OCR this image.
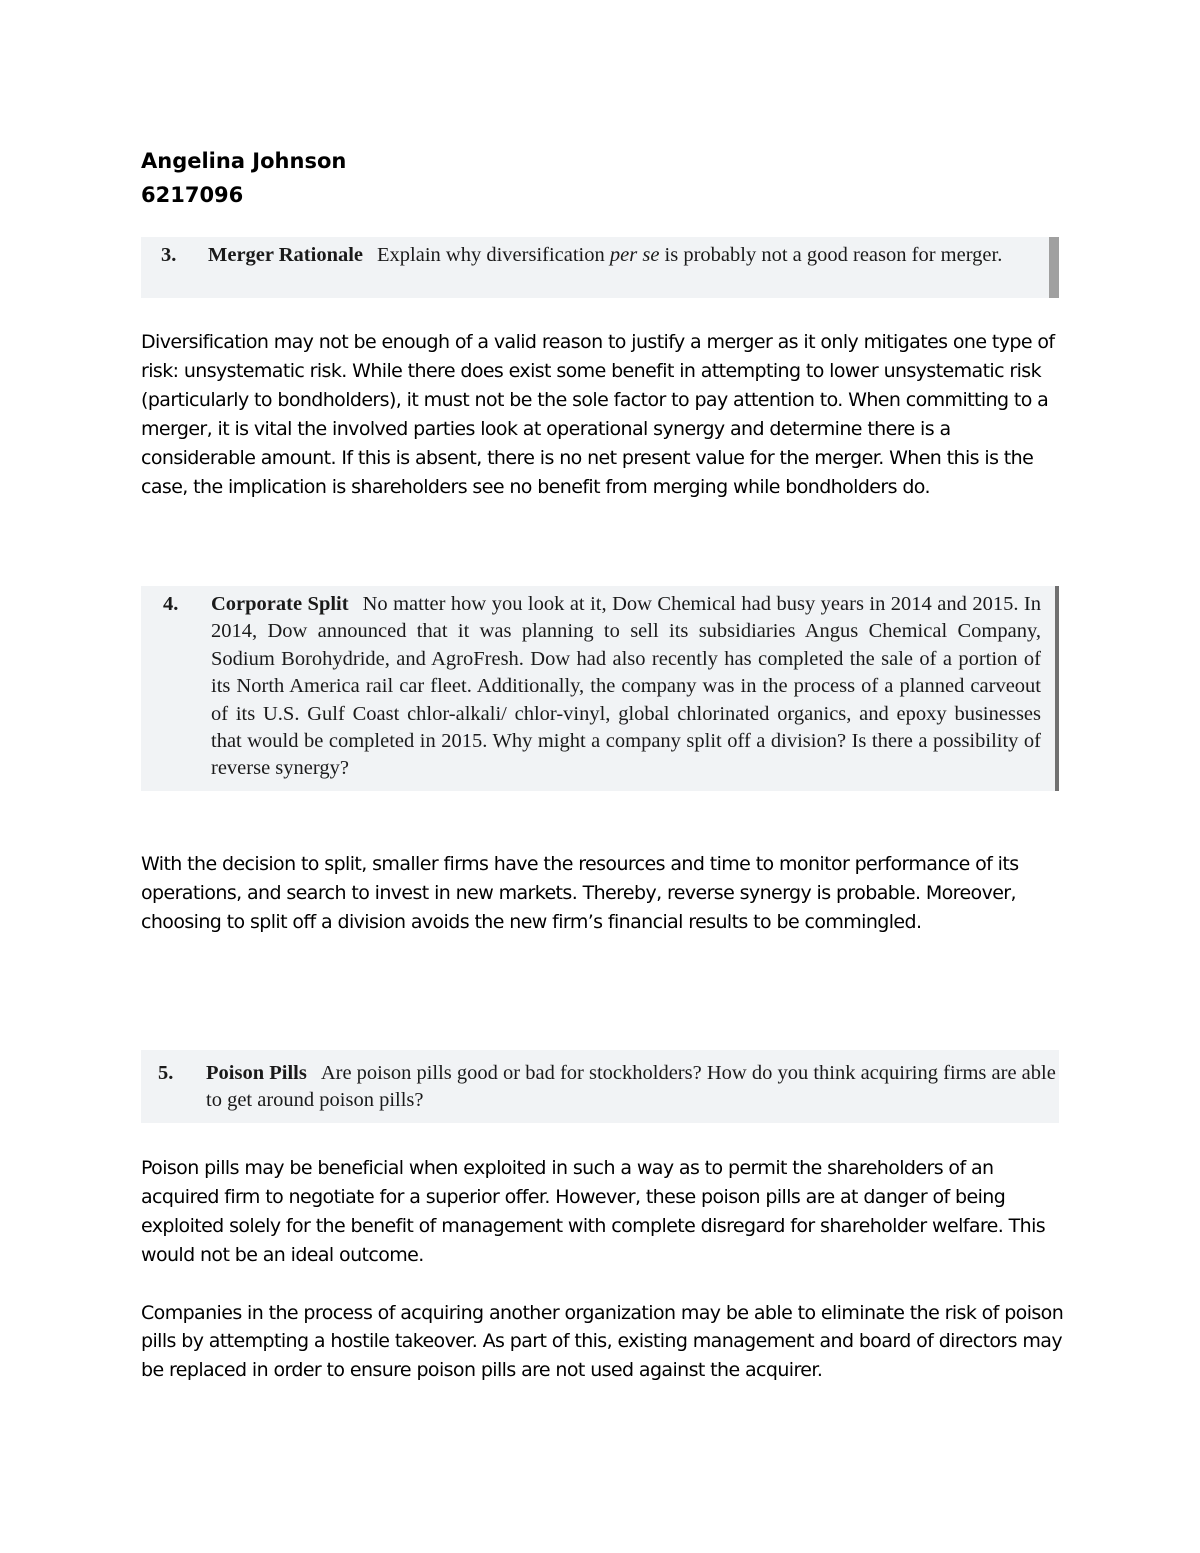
Angelina Johnson
6217096
3. Merger Rationale Explain why diversification per se is probably not a good reason for merger.

Diversification may not be enough of a valid reason to justify a merger as it only mitigates one type of risk: unsystematic risk. While there does exist some benefit in attempting to lower unsystematic risk (particularly to bondholders), it must not be the sole factor to pay attention to. When committing to a merger, it is vital the involved parties look at operational synergy and determine there is a considerable amount. If this is absent, there is no net present value for the merger. When this is the case, the implication is shareholders see no benefit from merging while bondholders do.

4. Corporate Split No matter how you look at it, Dow Chemical had busy years in 2014 and 2015. In 2014, Dow announced that it was planning to sell its subsidiaries Angus Chemical Company, Sodium Borohydride, and AgroFresh. Dow had also recently has completed the sale of a portion of its North America rail car fleet. Additionally, the company was in the process of a planned carveout of its U.S. Gulf Coast chlor-alkali/ chlor-vinyl, global chlorinated organics, and epoxy businesses that would be completed in 2015. Why might a company split off a division? Is there a possibility of reverse synergy?

With the decision to split, smaller firms have the resources and time to monitor performance of its operations, and search to invest in new markets. Thereby, reverse synergy is probable. Moreover, choosing to split off a division avoids the new firm’s financial results to be commingled.

5. Poison Pills Are poison pills good or bad for stockholders? How do you think acquiring firms are able to get around poison pills?

Poison pills may be beneficial when exploited in such a way as to permit the shareholders of an acquired firm to negotiate for a superior offer. However, these poison pills are at danger of being exploited solely for the benefit of management with complete disregard for shareholder welfare. This would not be an ideal outcome.

Companies in the process of acquiring another organization may be able to eliminate the risk of poison pills by attempting a hostile takeover. As part of this, existing management and board of directors may be replaced in order to ensure poison pills are not used against the acquirer.
